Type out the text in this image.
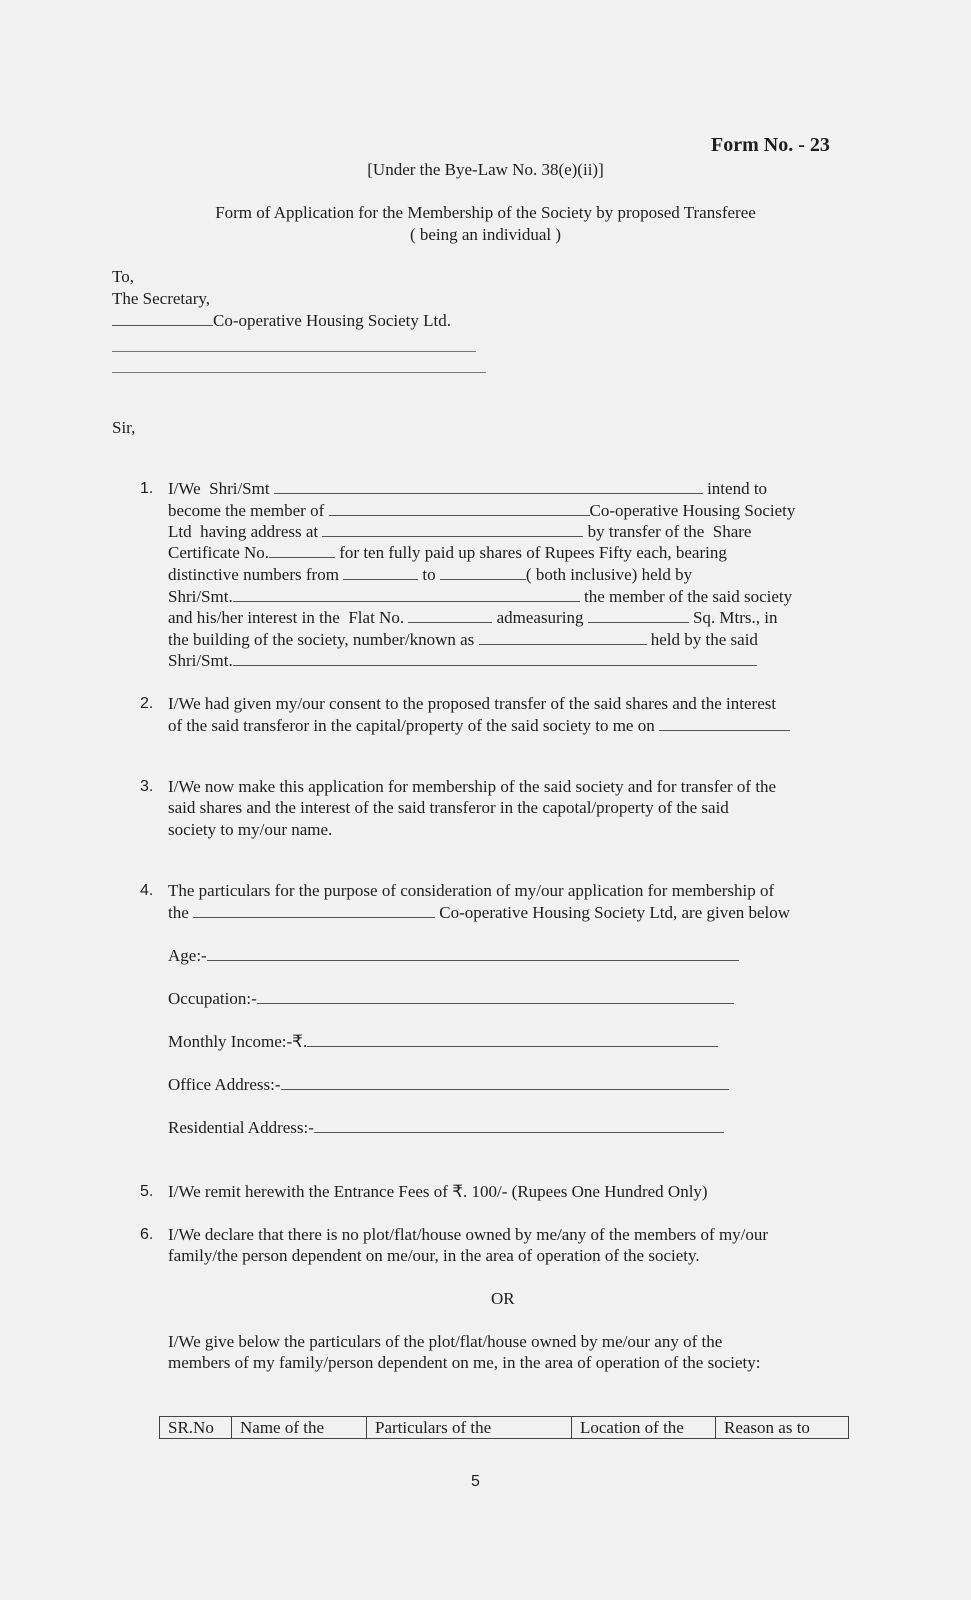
Form No. - 23
[Under the Bye-Law No. 38(e)(ii)]
Form of Application for the Membership of the Society by proposed Transferee
( being an individual )
To,
The Secretary,
Co-operative Housing Society Ltd.
Sir,
1. I/We  Shri/Smt	intend to
become the member of	Co-operative Housing Society
Ltd  having address at	by transfer of the  Share
Certificate No.	for ten fully paid up shares of Rupees Fifty each, bearing
distinctive numbers from	to	( both inclusive) held by
Shri/Smt.	the member of the said society
and his/her interest in the  Flat No.	admeasuring	Sq. Mtrs., in
the building of the society, number/known as	held by the said
Shri/Smt.
2. I/We had given my/our consent to the proposed transfer of the said shares and the interest
of the said transferor in the capital/property of the said society to me on
3. I/We now make this application for membership of the said society and for transfer of the
said shares and the interest of the said transferor in the capotal/property of the said
society to my/our name.
4. The particulars for the purpose of consideration of my/our application for membership of
the	Co-operative Housing Society Ltd, are given below
Age:-
Occupation:-
Monthly Income:-₹.
Office Address:-
Residential Address:-
5. I/We remit herewith the Entrance Fees of ₹. 100/- (Rupees One Hundred Only)
6. I/We declare that there is no plot/flat/house owned by me/any of the members of my/our
family/the person dependent on me/our, in the area of operation of the society.
OR
I/We give below the particulars of the plot/flat/house owned by me/our any of the
members of my family/person dependent on me, in the area of operation of the society:
SR.No	Name of the	Particulars of the	Location of the	Reason as to
5
